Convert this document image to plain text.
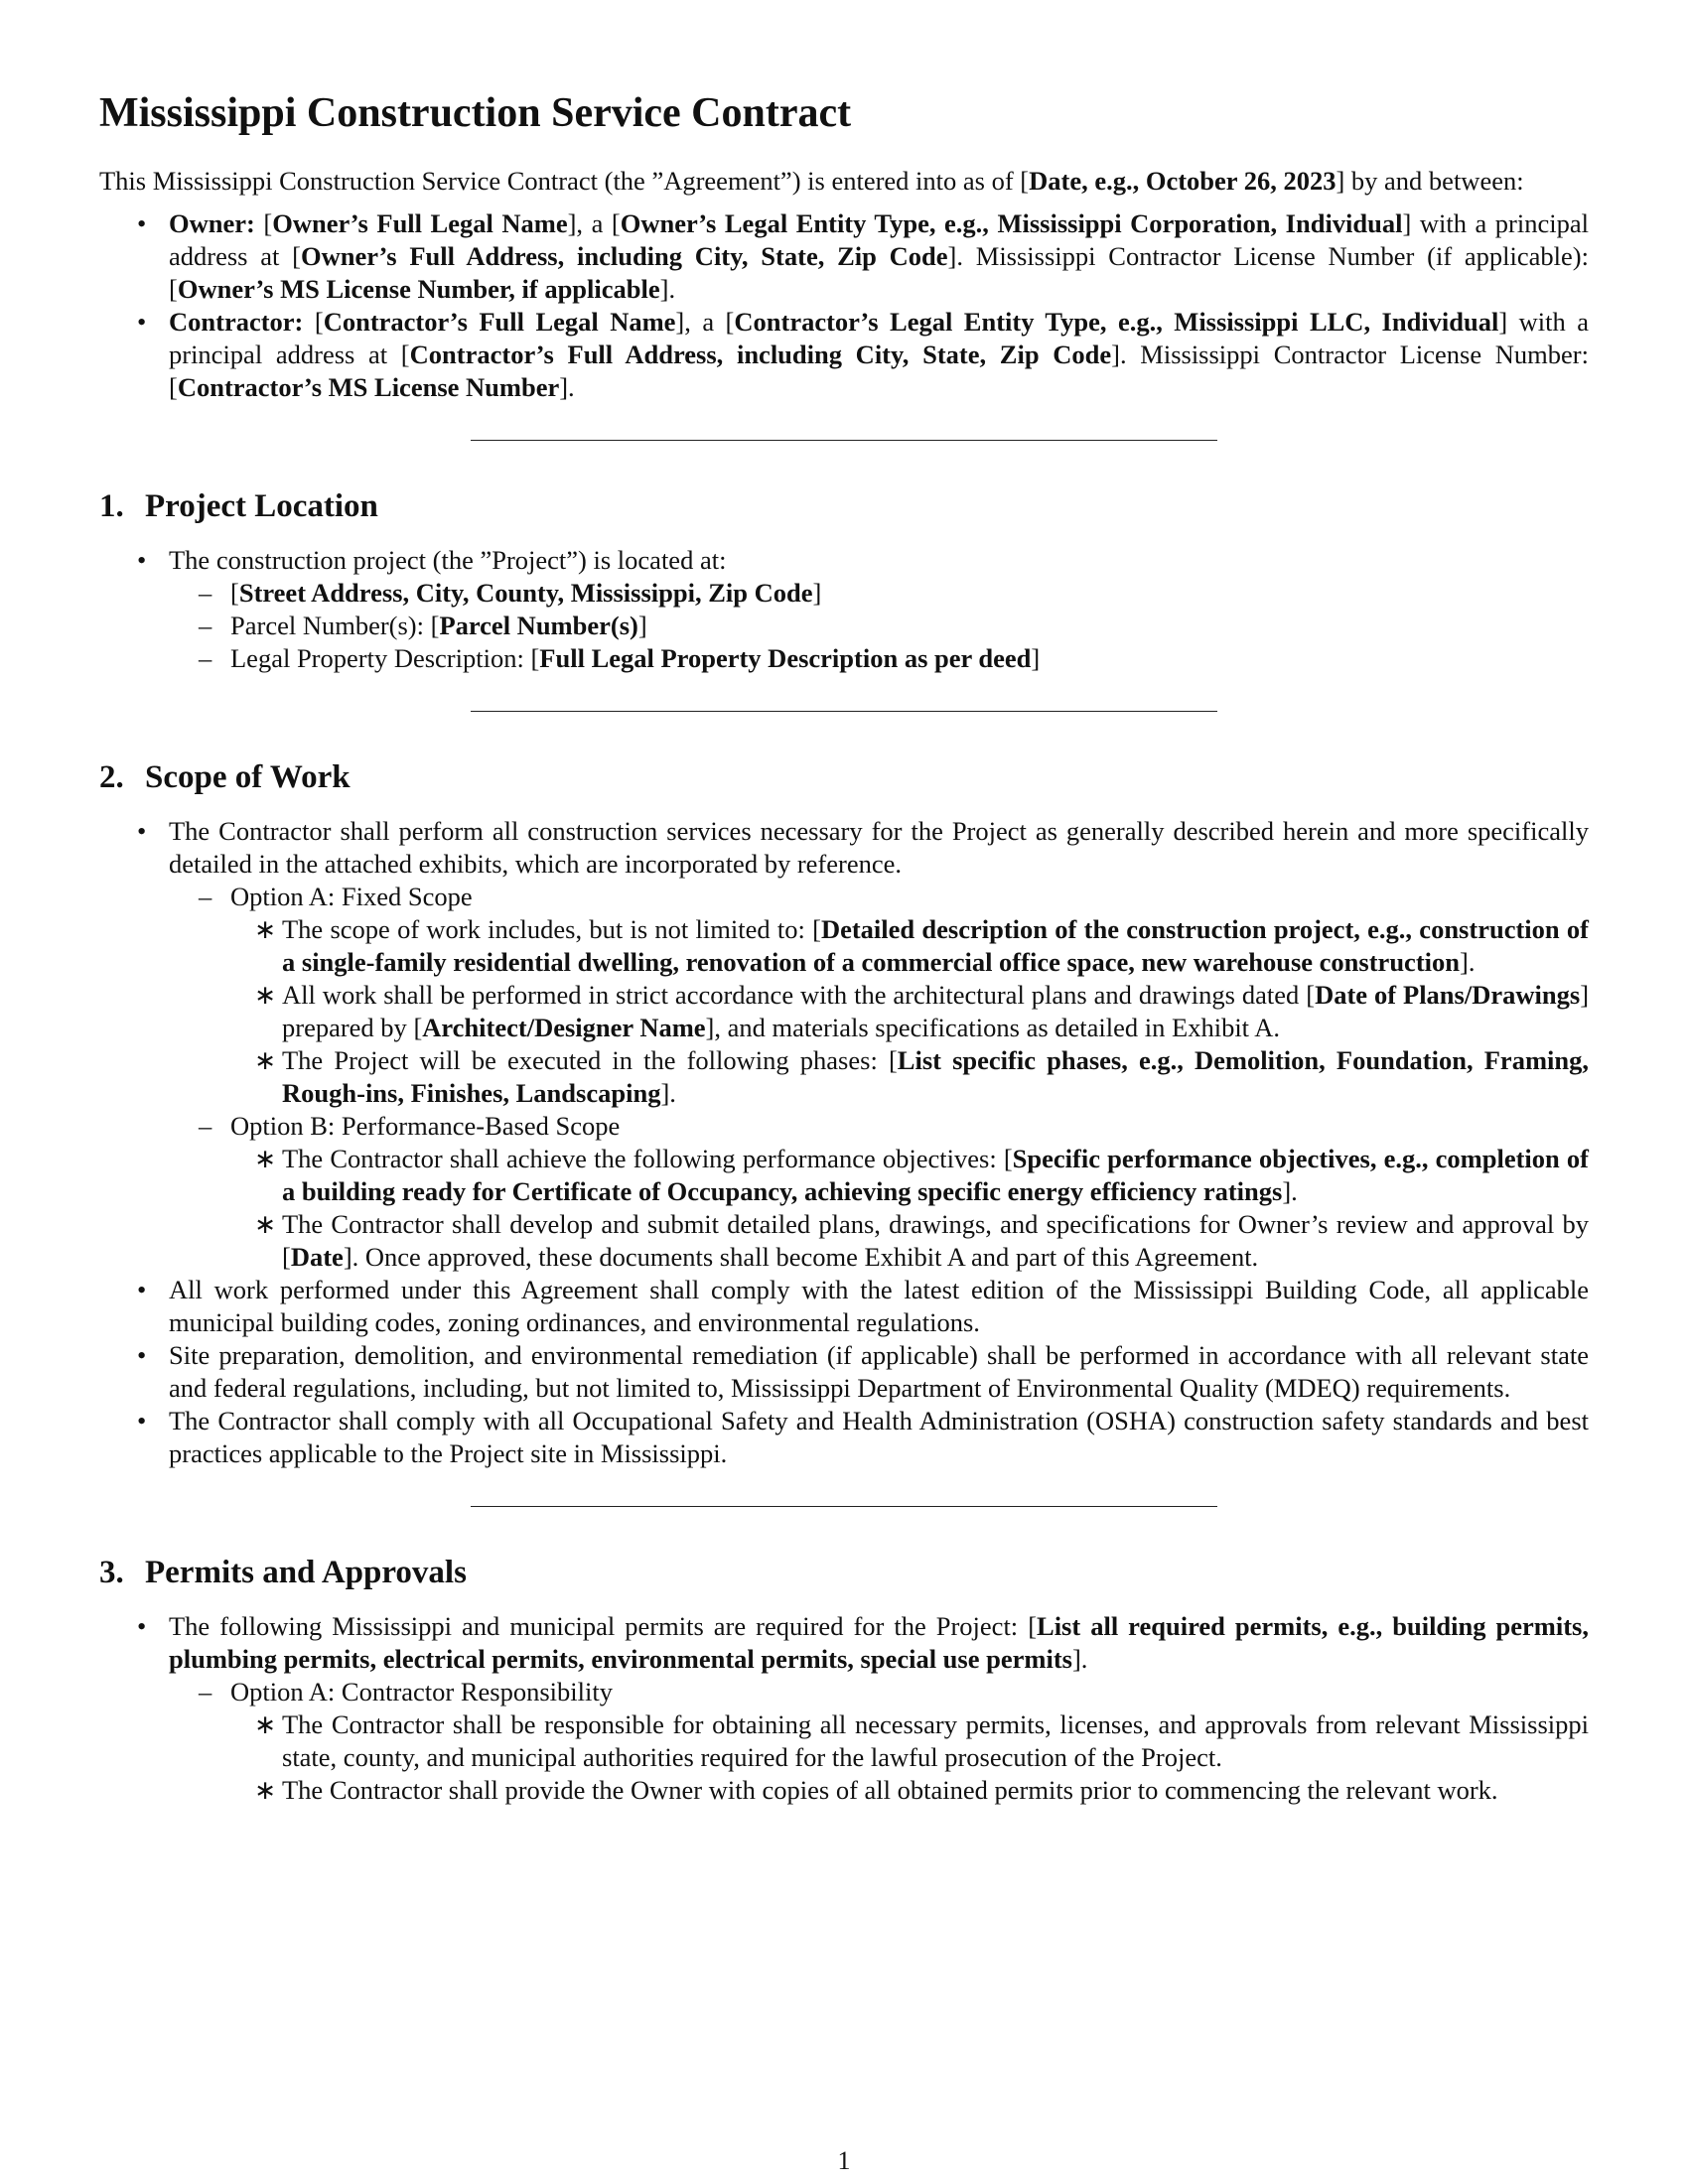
Mississippi Construction Service Contract

This Mississippi Construction Service Contract (the ”Agreement”) is entered into as of [Date, e.g., October 26, 2023] by and between:

• Owner: [Owner’s Full Legal Name], a [Owner’s Legal Entity Type, e.g., Mississippi Corporation, Individual] with a principal address at [Owner’s Full Address, including City, State, Zip Code]. Mississippi Contractor License Number (if applicable): [Owner’s MS License Number, if applicable].
• Contractor: [Contractor’s Full Legal Name], a [Contractor’s Legal Entity Type, e.g., Mississippi LLC, Individual] with a principal address at [Contractor’s Full Address, including City, State, Zip Code]. Mississippi Contractor License Number: [Contractor’s MS License Number].
1. Project Location
• The construction project (the ”Project”) is located at:
– [Street Address, City, County, Mississippi, Zip Code]
– Parcel Number(s): [Parcel Number(s)]
– Legal Property Description: [Full Legal Property Description as per deed]
2. Scope of Work
• The Contractor shall perform all construction services necessary for the Project as generally described herein and more specifically detailed in the attached exhibits, which are incorporated by reference.
– Option A: Fixed Scope
∗ The scope of work includes, but is not limited to: [Detailed description of the construction project, e.g., construction of a single-family residential dwelling, renovation of a commercial office space, new warehouse construction].
∗ All work shall be performed in strict accordance with the architectural plans and drawings dated [Date of Plans/Drawings] prepared by [Architect/Designer Name], and materials specifications as detailed in Exhibit A.
∗ The Project will be executed in the following phases: [List specific phases, e.g., Demolition, Foundation, Framing, Rough-ins, Finishes, Landscaping].
– Option B: Performance-Based Scope
∗ The Contractor shall achieve the following performance objectives: [Specific performance objectives, e.g., completion of a building ready for Certificate of Occupancy, achieving specific energy efficiency ratings].
∗ The Contractor shall develop and submit detailed plans, drawings, and specifications for Owner’s review and approval by [Date]. Once approved, these documents shall become Exhibit A and part of this Agreement.
• All work performed under this Agreement shall comply with the latest edition of the Mississippi Building Code, all applicable municipal building codes, zoning ordinances, and environmental regulations.
• Site preparation, demolition, and environmental remediation (if applicable) shall be performed in accordance with all relevant state and federal regulations, including, but not limited to, Mississippi Department of Environmental Quality (MDEQ) requirements.
• The Contractor shall comply with all Occupational Safety and Health Administration (OSHA) construction safety standards and best practices applicable to the Project site in Mississippi.
3. Permits and Approvals
• The following Mississippi and municipal permits are required for the Project: [List all required permits, e.g., building permits, plumbing permits, electrical permits, environmental permits, special use permits].
– Option A: Contractor Responsibility
∗ The Contractor shall be responsible for obtaining all necessary permits, licenses, and approvals from relevant Mississippi state, county, and municipal authorities required for the lawful prosecution of the Project.
∗ The Contractor shall provide the Owner with copies of all obtained permits prior to commencing the relevant work.
1
